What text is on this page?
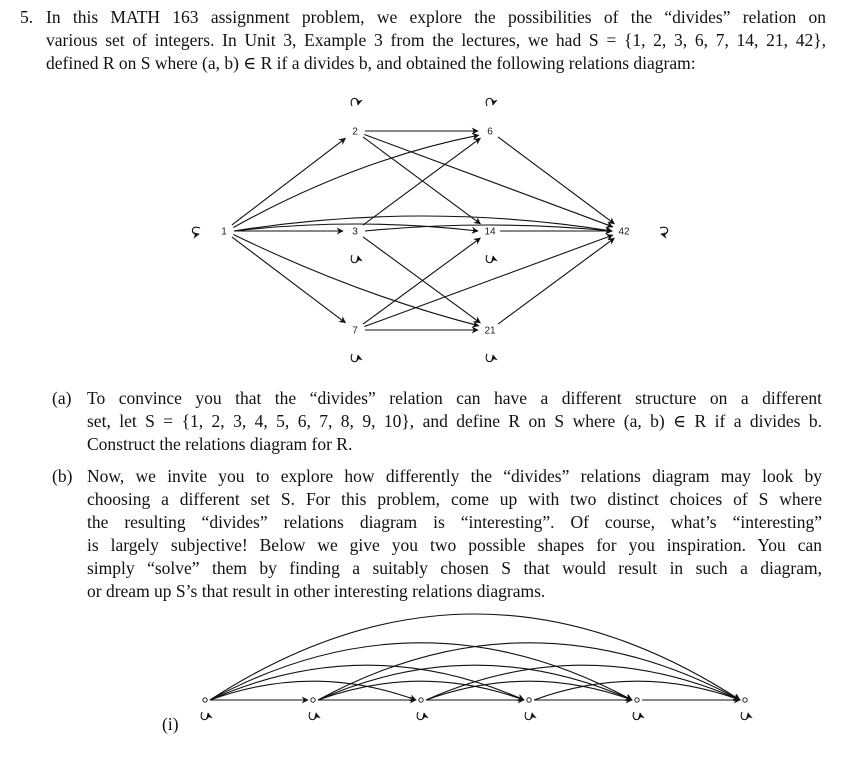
5. In this MATH 163 assignment problem, we explore the possibilities of the “divides” relation on
various set of integers. In Unit 3, Example 3 from the lectures, we had S = {1, 2, 3, 6, 7, 14, 21, 42},
defined R on S where (a, b) ∈ R if a divides b, and obtained the following relations diagram:
1
2
3
6
7
14
21
42
(a) To convince you that the “divides” relation can have a different structure on a different
set, let S = {1, 2, 3, 4, 5, 6, 7, 8, 9, 10}, and define R on S where (a, b) ∈ R if a divides b.
Construct the relations diagram for R.
(b) Now, we invite you to explore how differently the “divides” relations diagram may look by
choosing a different set S. For this problem, come up with two distinct choices of S where
the resulting “divides” relations diagram is “interesting”. Of course, what’s “interesting”
is largely subjective! Below we give you two possible shapes for you inspiration. You can
simply “solve” them by finding a suitably chosen S that would result in such a diagram,
or dream up S’s that result in other interesting relations diagrams.
(i)
